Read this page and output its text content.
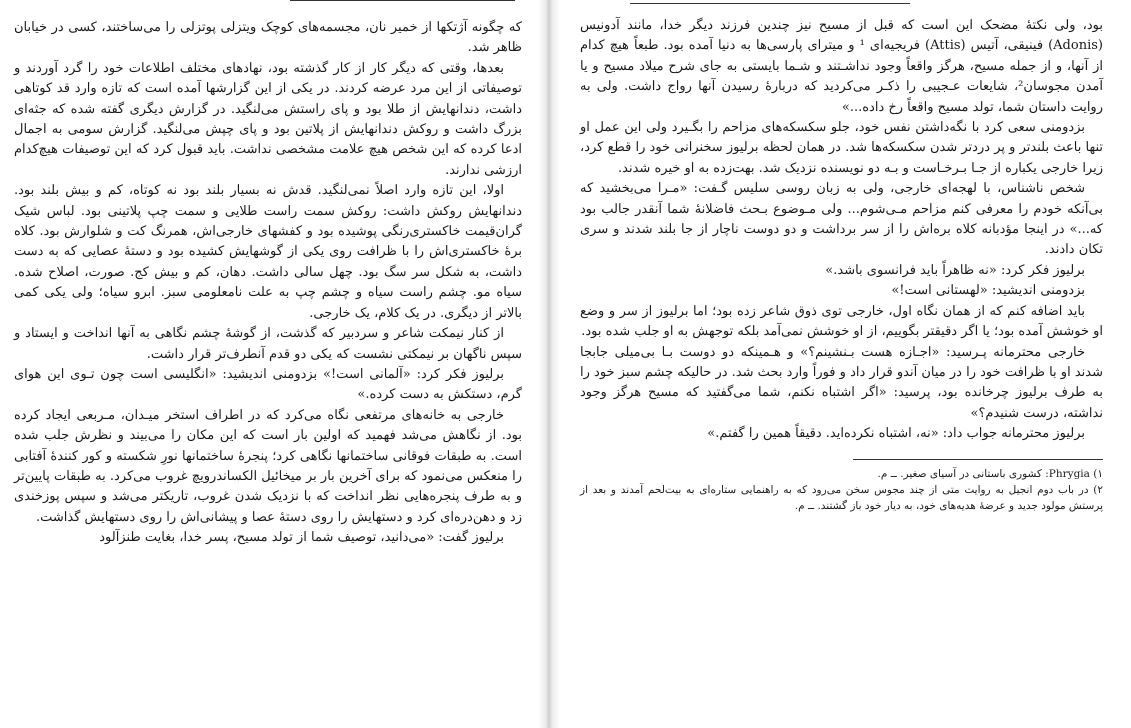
که چگونه آژتکها از خمیر نان، مجسمه‌های کوچک ویتزلی پوتزلی را می‌ساختند، کسی در خیابان ظاهر شد.

بعدها، وقتی که دیگر کار از کار گذشته بود، نهادهای مختلف اطلاعات خود را گرد آوردند و توصیفاتی از این مرد عرضه کردند. در یکی از این گزارشها آمده است که تازه وارد قد کوتاهی داشت، دندانهایش از طلا بود و پای راستش می‌لنگید. در گزارش دیگری گفته شده که جثه‌ای بزرگ داشت و روکش دندانهایش از پلاتین بود و پای چپش می‌لنگید. گزارش سومی به اجمال ادعا کرده که این شخص هیچ علامت مشخصی نداشت. باید قبول کرد که این توصیفات هیچ‌کدام ارزشی ندارند.

اولا، این تازه وارد اصلاً نمی‌لنگید. قدش نه بسیار بلند بود نه کوتاه، کم و بیش بلند بود. دندانهایش روکش داشت: روکش سمت راست طلایی و سمت چپ پلاتینی بود. لباس شیک گران‌قیمت خاکستری‌رنگی پوشیده بود و کفشهای خارجی‌اش، همرنگ کت و شلوارش بود. کلاه بره‌ٔ خاکستری‌اش را با ظرافت روی یکی از گوشهایش کشیده بود و دستهٔ عصایی که به دست داشت، به شکل سر سگ بود. چهل سالی داشت. دهان، کم و بیش کج. صورت، اصلاح شده. سیاه مو. چشم راست سیاه و چشم چپ به علت نامعلومی سبز. ابرو سیاه؛ ولی یکی کمی بالاتر از دیگری. در یک کلام، یک خارجی.

از کنار نیمکت شاعر و سردبیر که گذشت، از گوشهٔ چشم نگاهی به آنها انداخت و ایستاد و سپس ناگهان بر نیمکتی نشست که یکی دو قدم آنطرف‌تر قرار داشت.

برلیوز فکر کرد: «آلمانی است!» بزدومنی اندیشید: «انگلیسی است چون تـوی این هوای گرم، دستکش به دست کرده.»

خارجی به خانه‌های مرتفعی نگاه می‌کرد که در اطراف استخر میـدان، مـربعی ایجاد کرده بود. از نگاهش می‌شد فهمید که اولین بار است که این مکان را می‌بیند و نظرش جلب شده است. به طبقات فوقانی ساختمانها نگاهی کرد؛ پنجرهٔ ساختمانها نورِ شکسته و کور کنندهٔ آفتابی را منعکس می‌نمود که برای آخرین بار بر میخائیل الکساندرویچ غروب می‌کرد. به طبقات پایین‌تر و به طرف پنجره‌هایی نظر انداخت که با نزدیک شدن غروب، تاریکتر می‌شد و سپس پوزخندی زد و دهن‌دره‌ای کرد و دستهایش را روی دستهٔ عصا و پیشانی‌اش را روی دستهایش گذاشت.

برلیوز گفت: «می‌دانید، توصیف شما از تولد مسیح، پسر خدا، بغایت طنزآلود

بود، ولی نکتهٔ مضحک این است که قبل از مسیح نیز چندین فرزند دیگر خدا، مانند آدونیس (Adonis) فینیقی، آتیس (Attis) فریجیه‌ای ¹ و میترای پارسی‌ها به دنیا آمده بود. طبعاً هیچ کدام از آنها، و از جمله مسیح، هرگز واقعاً وجود نداشـتند و شـما بایستی به جای شرح میلاد مسیح و یا آمدن مجوسان²، شایعات عـجیبی را ذکـر می‌کردید که دربارهٔ رسیدن آنها رواج داشت. ولی به روایت داستان شما، تولد مسیح واقعاً رخ داده...»

بزدومنی سعی کرد با نگه‌داشتن نفس خود، جلو سکسکه‌های مزاحم را بگـیرد ولی این عمل او تنها باعث بلندتر و پر دردتر شدن سکسکه‌ها شد. در همان لحظه برلیوز سخنرانی خود را قطع کرد، زیرا خارجی یکباره از جـا بـرخـاست و بـه دو نویسنده نزدیک شد. بهت‌زده به او خیره شدند.

شخص ناشناس، با لهجه‌ای خارجی، ولی به زبان روسی سلیس گـفت: «مـرا می‌بخشید که بی‌آنکه خودم را معرفی کنم مزاحم مـی‌شوم... ولی مـوضوع بـحث فاضلانهٔ شما آنقدر جالب بود که...» در اینجا مؤدبانه کلاه بره‌اش را از سر برداشت و دو دوست ناچار از جا بلند شدند و سری تکان دادند.

برلیوز فکر کرد: «نه ظاهراً باید فرانسوی باشد.»

بزدومنی اندیشید: «لهستانی است!»

باید اضافه کنم که از همان نگاه اول، خارجی توی ذوق شاعر زده بود؛ اما برلیوز از سر و وضع او خوشش آمده بود؛ یا اگر دقیقتر بگوییم، از او خوشش نمی‌آمد بلکه توجهش به او جلب شده بود.

خارجی محترمانه پـرسید: «اجـازه هست بـنشینم؟» و هـمینکه دو دوست بـا بی‌میلی جابجا شدند او با ظرافت خود را در میان آندو قرار داد و فوراً وارد بحث شد. در حالیکه چشم سبز خود را به طرف برلیوز چرخانده بود، پرسید: «اگر اشتباه نکنم، شما می‌گفتید که مسیح هرگز وجود نداشته، درست شنیدم؟»

برلیوز محترمانه جواب داد: «نه، اشتباه نکرده‌اید. دقیقاً همین را گفتم.»

۱) Phrygia: کشوری باستانی در آسیای صغیر. ــ م.

۲) در باب دوم انجیل به روایت متی از چند مجوس سخن می‌رود که به راهنمایی ستاره‌ای به بیت‌لحم آمدند و بعد از پرستش مولود جدید و عرضهٔ هدیه‌های خود، به دیار خود باز گشتند. ــ م.
